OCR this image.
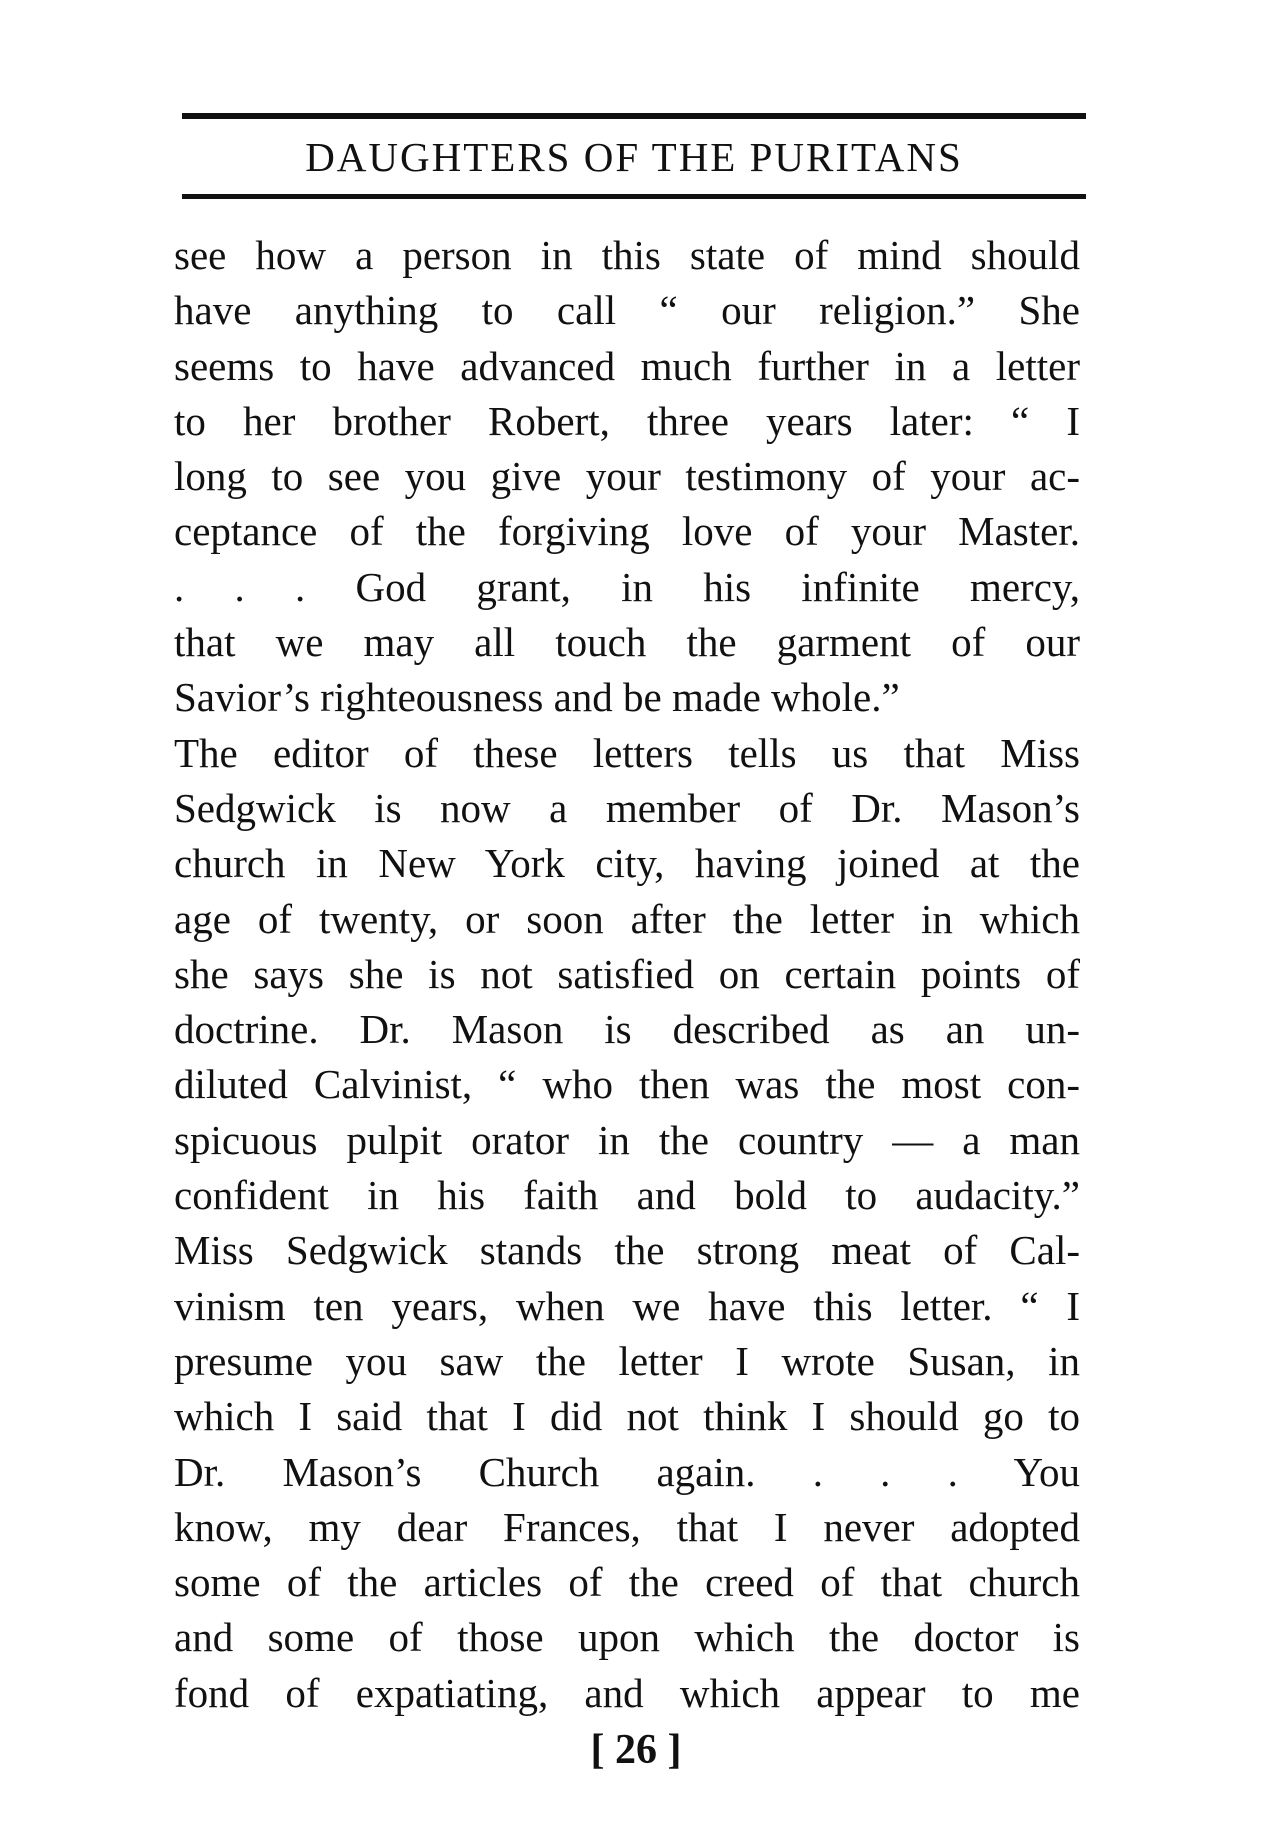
DAUGHTERS OF THE PURITANS
see how a person in this state of mind should
have anything to call “ our religion.” She
seems to have advanced much further in a letter
to her brother Robert, three years later: “ I
long to see you give your testimony of your ac-
ceptance of the forgiving love of your Master.
. . . God grant, in his infinite mercy,
that we may all touch the garment of our
Savior’s righteousness and be made whole.”
The editor of these letters tells us that Miss
Sedgwick is now a member of Dr. Mason’s
church in New York city, having joined at the
age of twenty, or soon after the letter in which
she says she is not satisfied on certain points of
doctrine. Dr. Mason is described as an un-
diluted Calvinist, “ who then was the most con-
spicuous pulpit orator in the country — a man
confident in his faith and bold to audacity.”
Miss Sedgwick stands the strong meat of Cal-
vinism ten years, when we have this letter. “ I
presume you saw the letter I wrote Susan, in
which I said that I did not think I should go to
Dr. Mason’s Church again. . . . You
know, my dear Frances, that I never adopted
some of the articles of the creed of that church
and some of those upon which the doctor is
fond of expatiating, and which appear to me
[ 26 ]
